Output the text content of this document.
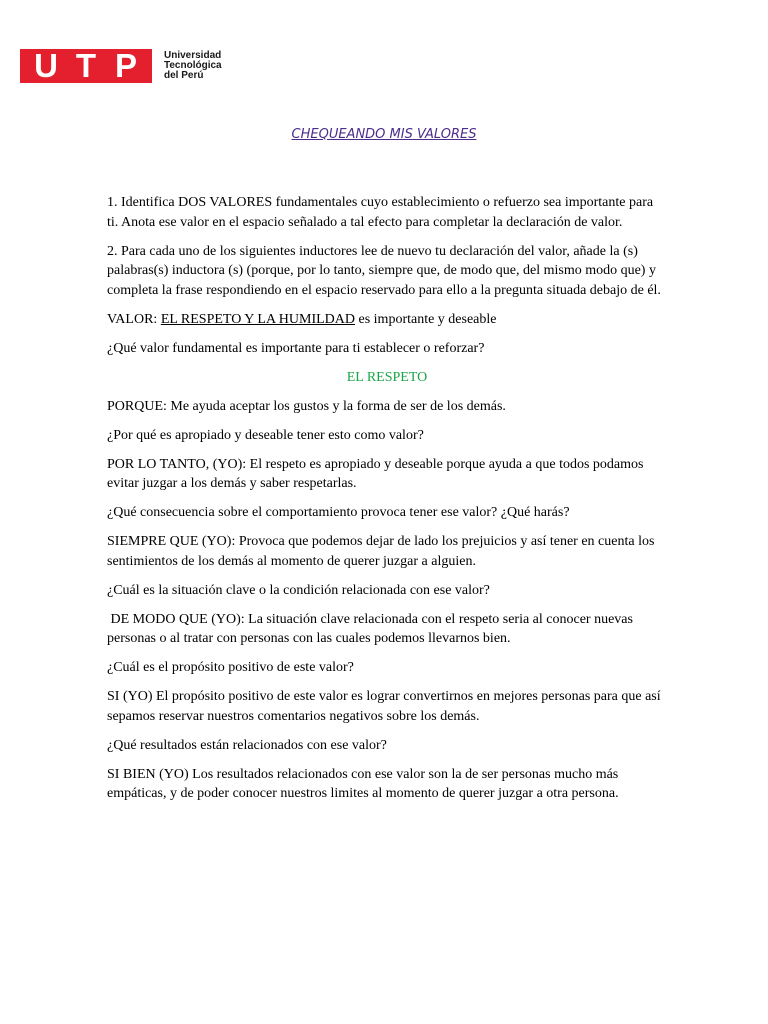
U T P	Universidad
Tecnológica
del Perú
CHEQUEANDO MIS VALORES

1. Identifica DOS VALORES fundamentales cuyo establecimiento o refuerzo sea importante para ti. Anota ese valor en el espacio señalado a tal efecto para completar la declaración de valor.

2. Para cada uno de los siguientes inductores lee de nuevo tu declaración del valor, añade la (s) palabras(s) inductora (s) (porque, por lo tanto, siempre que, de modo que, del mismo modo que) y completa la frase respondiendo en el espacio reservado para ello a la pregunta situada debajo de él.

VALOR: EL RESPETO Y LA HUMILDAD es importante y deseable

¿Qué valor fundamental es importante para ti establecer o reforzar?

EL RESPETO

PORQUE: Me ayuda aceptar los gustos y la forma de ser de los demás.

¿Por qué es apropiado y deseable tener esto como valor?

POR LO TANTO, (YO): El respeto es apropiado y deseable porque ayuda a que todos podamos evitar juzgar a los demás y saber respetarlas.

¿Qué consecuencia sobre el comportamiento provoca tener ese valor? ¿Qué harás?

SIEMPRE QUE (YO): Provoca que podemos dejar de lado los prejuicios y así tener en cuenta los sentimientos de los demás al momento de querer juzgar a alguien.

¿Cuál es la situación clave o la condición relacionada con ese valor?

DE MODO QUE (YO): La situación clave relacionada con el respeto seria al conocer nuevas personas o al tratar con personas con las cuales podemos llevarnos bien.

¿Cuál es el propósito positivo de este valor?

SI (YO) El propósito positivo de este valor es lograr convertirnos en mejores personas para que así sepamos reservar nuestros comentarios negativos sobre los demás.

¿Qué resultados están relacionados con ese valor?

SI BIEN (YO) Los resultados relacionados con ese valor son la de ser personas mucho más empáticas, y de poder conocer nuestros limites al momento de querer juzgar a otra persona.
